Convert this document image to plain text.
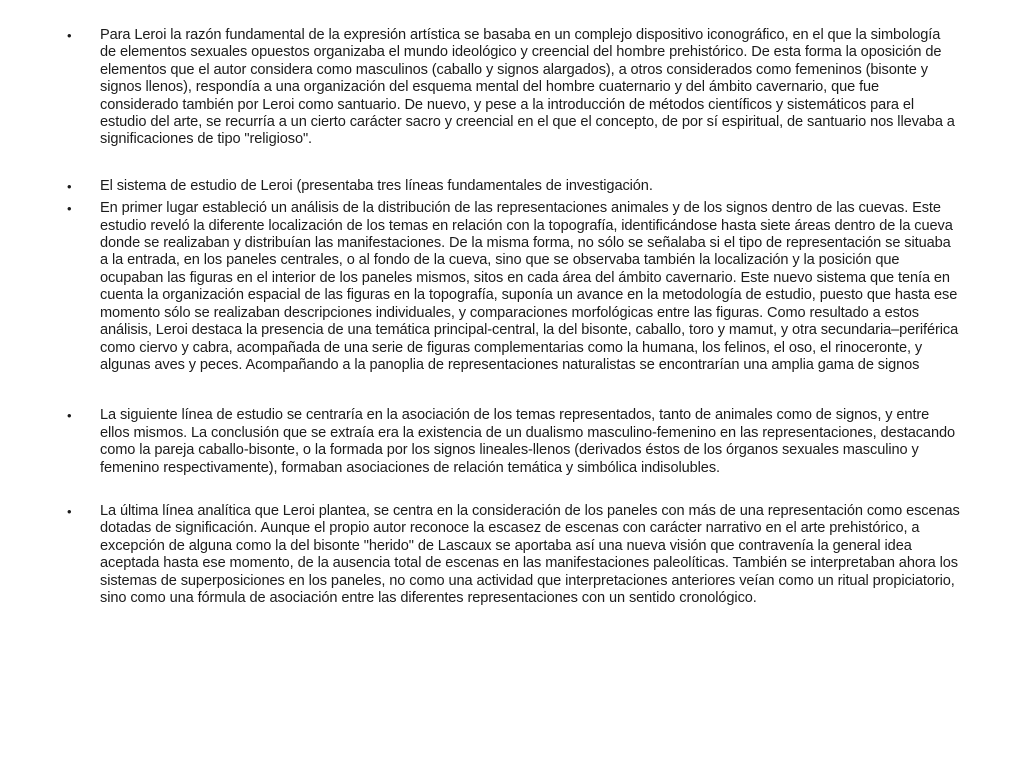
• Para Leroi la razón fundamental de la expresión artística se basaba en un complejo dispositivo iconográfico, en el que la simbología de elementos sexuales opuestos organizaba el mundo ideológico y creencial del hombre prehistórico. De esta forma la oposición de elementos que el autor considera como masculinos (caballo y signos alargados), a otros considerados como femeninos (bisonte y signos llenos), respondía a una organización del esquema mental del hombre cuaternario y del ámbito cavernario, que fue considerado también por Leroi como santuario. De nuevo, y pese a la introducción de métodos científicos y sistemáticos para el estudio del arte, se recurría a un cierto carácter sacro y creencial en el que el concepto, de por sí espiritual, de santuario nos llevaba a significaciones de tipo "religioso".
• El sistema de estudio de Leroi (presentaba tres líneas fundamentales de investigación.
• En primer lugar estableció un análisis de la distribución de las representaciones animales y de los signos dentro de las cuevas. Este estudio reveló la diferente localización de los temas en relación con la topografía, identificándose hasta siete áreas dentro de la cueva donde se realizaban y distribuían las manifestaciones. De la misma forma, no sólo se señalaba si el tipo de representación se situaba a la entrada, en los paneles centrales, o al fondo de la cueva, sino que se observaba también la localización y la posición que ocupaban las figuras en el interior de los paneles mismos, sitos en cada área del ámbito cavernario. Este nuevo sistema que tenía en cuenta la organización espacial de las figuras en la topografía, suponía un avance en la metodología de estudio, puesto que hasta ese momento sólo se realizaban descripciones individuales, y comparaciones morfológicas entre las figuras. Como resultado a estos análisis, Leroi destaca la presencia de una temática principal-central, la del bisonte, caballo, toro y mamut, y otra secundaria–periférica como ciervo y cabra, acompañada de una serie de figuras complementarias como la humana, los felinos, el oso, el rinoceronte, y algunas aves y peces. Acompañando a la panoplia de representaciones naturalistas se encontrarían una amplia gama de signos
• La siguiente línea de estudio se centraría en la asociación de los temas representados, tanto de animales como de signos, y entre ellos mismos. La conclusión que se extraía era la existencia de un dualismo masculino-femenino en las representaciones, destacando como la pareja caballo-bisonte, o la formada por los signos lineales-llenos (derivados éstos de los órganos sexuales masculino y femenino respectivamente), formaban asociaciones de relación temática y simbólica indisolubles.
• La última línea analítica que Leroi plantea, se centra en la consideración de los paneles con más de una representación como escenas dotadas de significación. Aunque el propio autor reconoce la escasez de escenas con carácter narrativo en el arte prehistórico, a excepción de alguna como la del bisonte "herido" de Lascaux se aportaba así una nueva visión que contravenía la general idea aceptada hasta ese momento, de la ausencia total de escenas en las manifestaciones paleolíticas. También se interpretaban ahora los sistemas de superposiciones en los paneles, no como una actividad que interpretaciones anteriores veían como un ritual propiciatorio, sino como una fórmula de asociación entre las diferentes representaciones con un sentido cronológico.
